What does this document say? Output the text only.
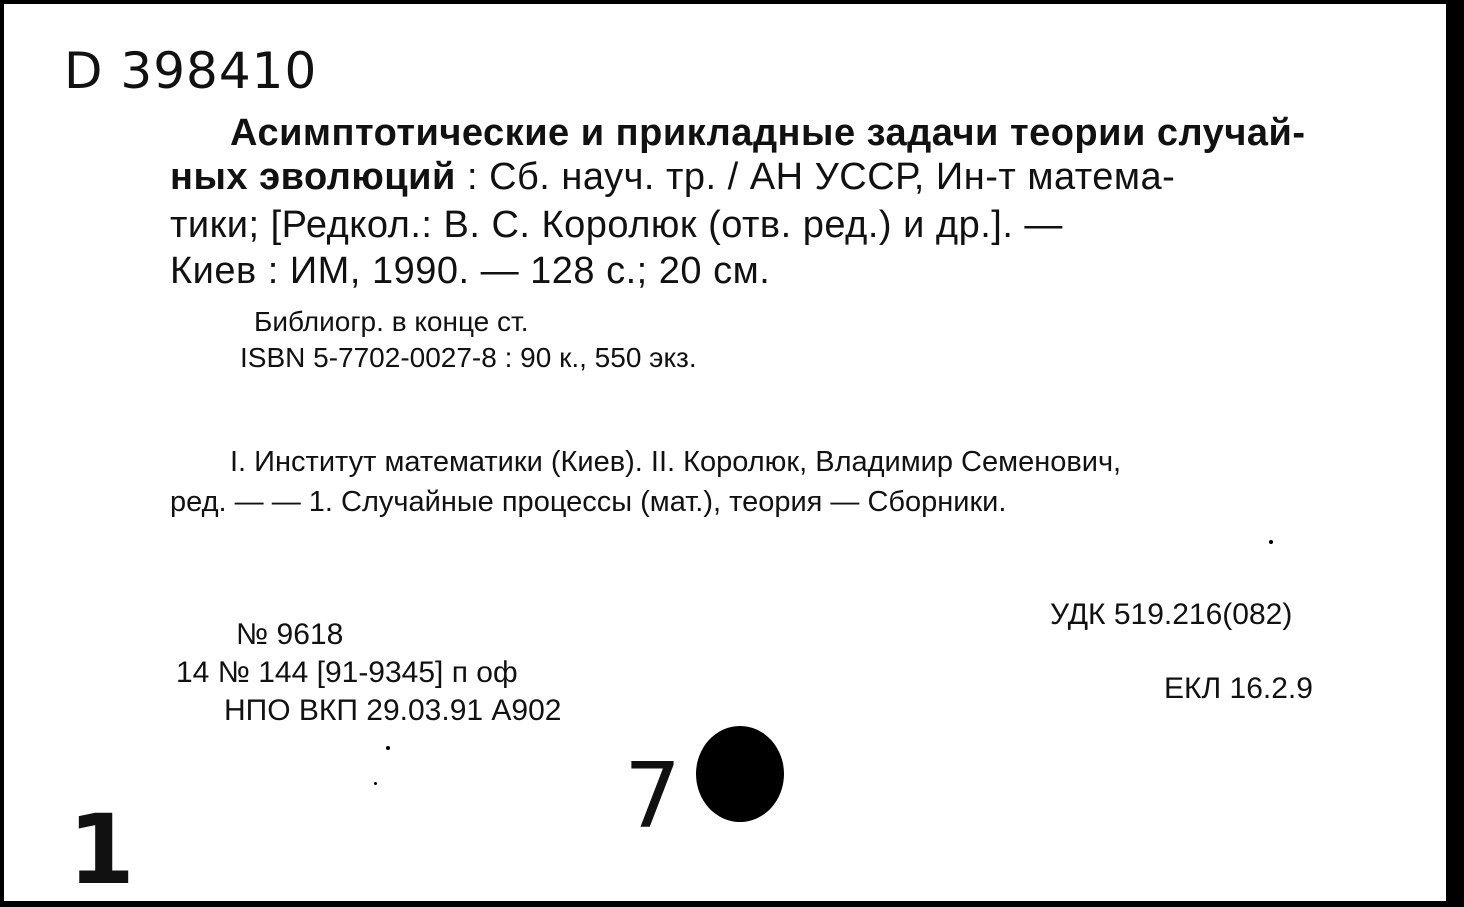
D 398410
Асимптотические и прикладные задачи теории случай-
ных эволюций : Сб. науч. тр. / АН УССР, Ин-т матема-
тики; [Редкол.: В. С. Королюк (отв. ред.) и др.]. —
Киев : ИМ, 1990. — 128 с.; 20 см.
Библиогр. в конце ст.
ISBN 5-7702-0027-8 : 90 к., 550 экз.
I. Институт математики (Киев). II. Королюк, Владимир Семенович,
ред. — — 1. Случайные процессы (мат.), теория — Сборники.
№ 9618
14 № 144 [91-9345] п оф
НПО ВКП 29.03.91 А902
УДК 519.216(082)
ЕКЛ 16.2.9
1	7
